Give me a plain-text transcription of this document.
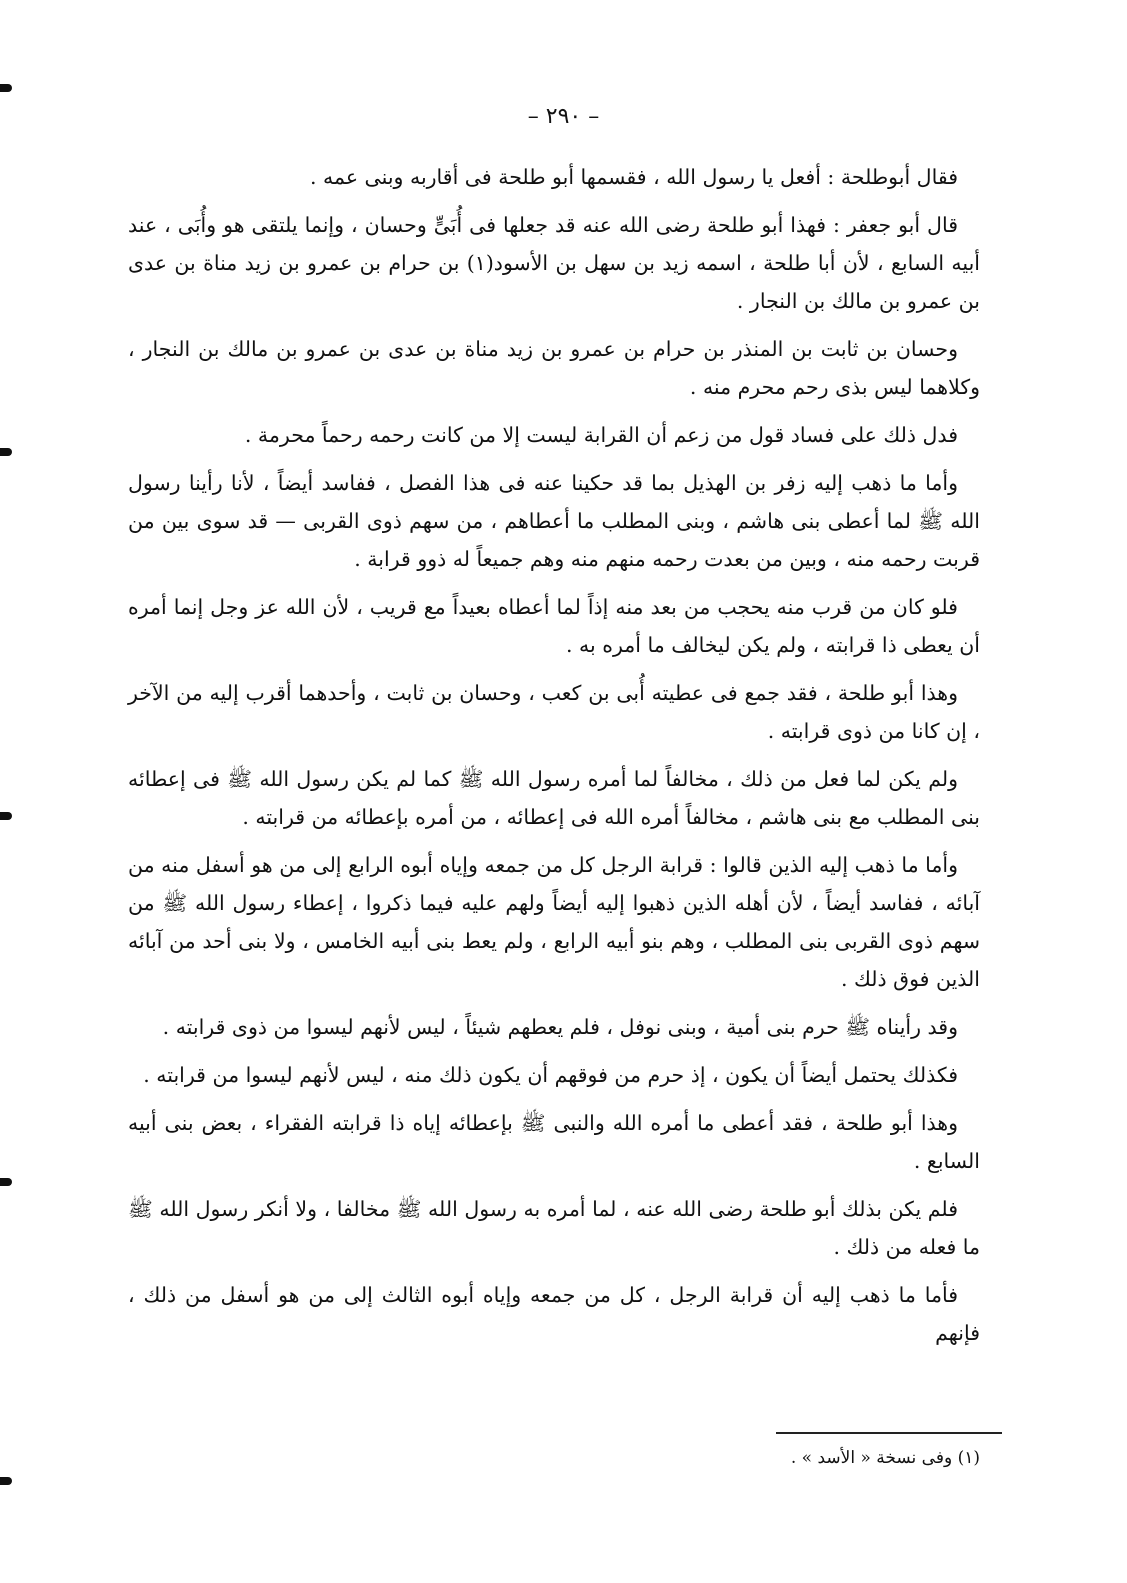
– ٢٩٠ –

فقال أبوطلحة : أفعل يا رسول الله ، فقسمها أبو طلحة فى أقاربه وبنى عمه .

قال أبو جعفر : فهذا أبو طلحة رضى الله عنه قد جعلها فى أُبَىٍّ وحسان ، وإنما يلتقى هو وأُبَى ، عند أبيه السابع ، لأن أبا طلحة ، اسمه زيد بن سهل بن الأسود(١) بن حرام بن عمرو بن زيد مناة بن عدى بن عمرو بن مالك بن النجار .

وحسان بن ثابت بن المنذر بن حرام بن عمرو بن زيد مناة بن عدى بن عمرو بن مالك بن النجار ، وكلاهما ليس بذى رحم محرم منه .

فدل ذلك على فساد قول من زعم أن القرابة ليست إلا من كانت رحمه رحماً محرمة .

وأما ما ذهب إليه زفر بن الهذيل بما قد حكينا عنه فى هذا الفصل ، ففاسد أيضاً ، لأنا رأينا رسول الله ﷺ لما أعطى بنى هاشم ، وبنى المطلب ما أعطاهم ، من سهم ذوى القربى — قد سوى بين من قربت رحمه منه ، وبين من بعدت رحمه منهم منه وهم جميعاً له ذوو قرابة .

فلو كان من قرب منه يحجب من بعد منه إذاً لما أعطاه بعيداً مع قريب ، لأن الله عز وجل إنما أمره أن يعطى ذا قرابته ، ولم يكن ليخالف ما أمره به .

وهذا أبو طلحة ، فقد جمع فى عطيته أُبى بن كعب ، وحسان بن ثابت ، وأحدهما أقرب إليه من الآخر ، إن كانا من ذوى قرابته .

ولم يكن لما فعل من ذلك ، مخالفاً لما أمره رسول الله ﷺ كما لم يكن رسول الله ﷺ فى إعطائه بنى المطلب مع بنى هاشم ، مخالفاً أمره الله فى إعطائه ، من أمره بإعطائه من قرابته .

وأما ما ذهب إليه الذين قالوا : قرابة الرجل كل من جمعه وإياه أبوه الرابع إلى من هو أسفل منه من آبائه ، ففاسد أيضاً ، لأن أهله الذين ذهبوا إليه أيضاً ولهم عليه فيما ذكروا ، إعطاء رسول الله ﷺ من سهم ذوى القربى بنى المطلب ، وهم بنو أبيه الرابع ، ولم يعط بنى أبيه الخامس ، ولا بنى أحد من آبائه الذين فوق ذلك .

وقد رأيناه ﷺ حرم بنى أمية ، وبنى نوفل ، فلم يعطهم شيئاً ، ليس لأنهم ليسوا من ذوى قرابته .

فكذلك يحتمل أيضاً أن يكون ، إذ حرم من فوقهم أن يكون ذلك منه ، ليس لأنهم ليسوا من قرابته .

وهذا أبو طلحة ، فقد أعطى ما أمره الله والنبى ﷺ بإعطائه إياه ذا قرابته الفقراء ، بعض بنى أبيه السابع .

فلم يكن بذلك أبو طلحة رضى الله عنه ، لما أمره به رسول الله ﷺ مخالفا ، ولا أنكر رسول الله ﷺ ما فعله من ذلك .

فأما ما ذهب إليه أن قرابة الرجل ، كل من جمعه وإياه أبوه الثالث إلى من هو أسفل من ذلك ، فإنهم

(١) وفى نسخة « الأسد » .
